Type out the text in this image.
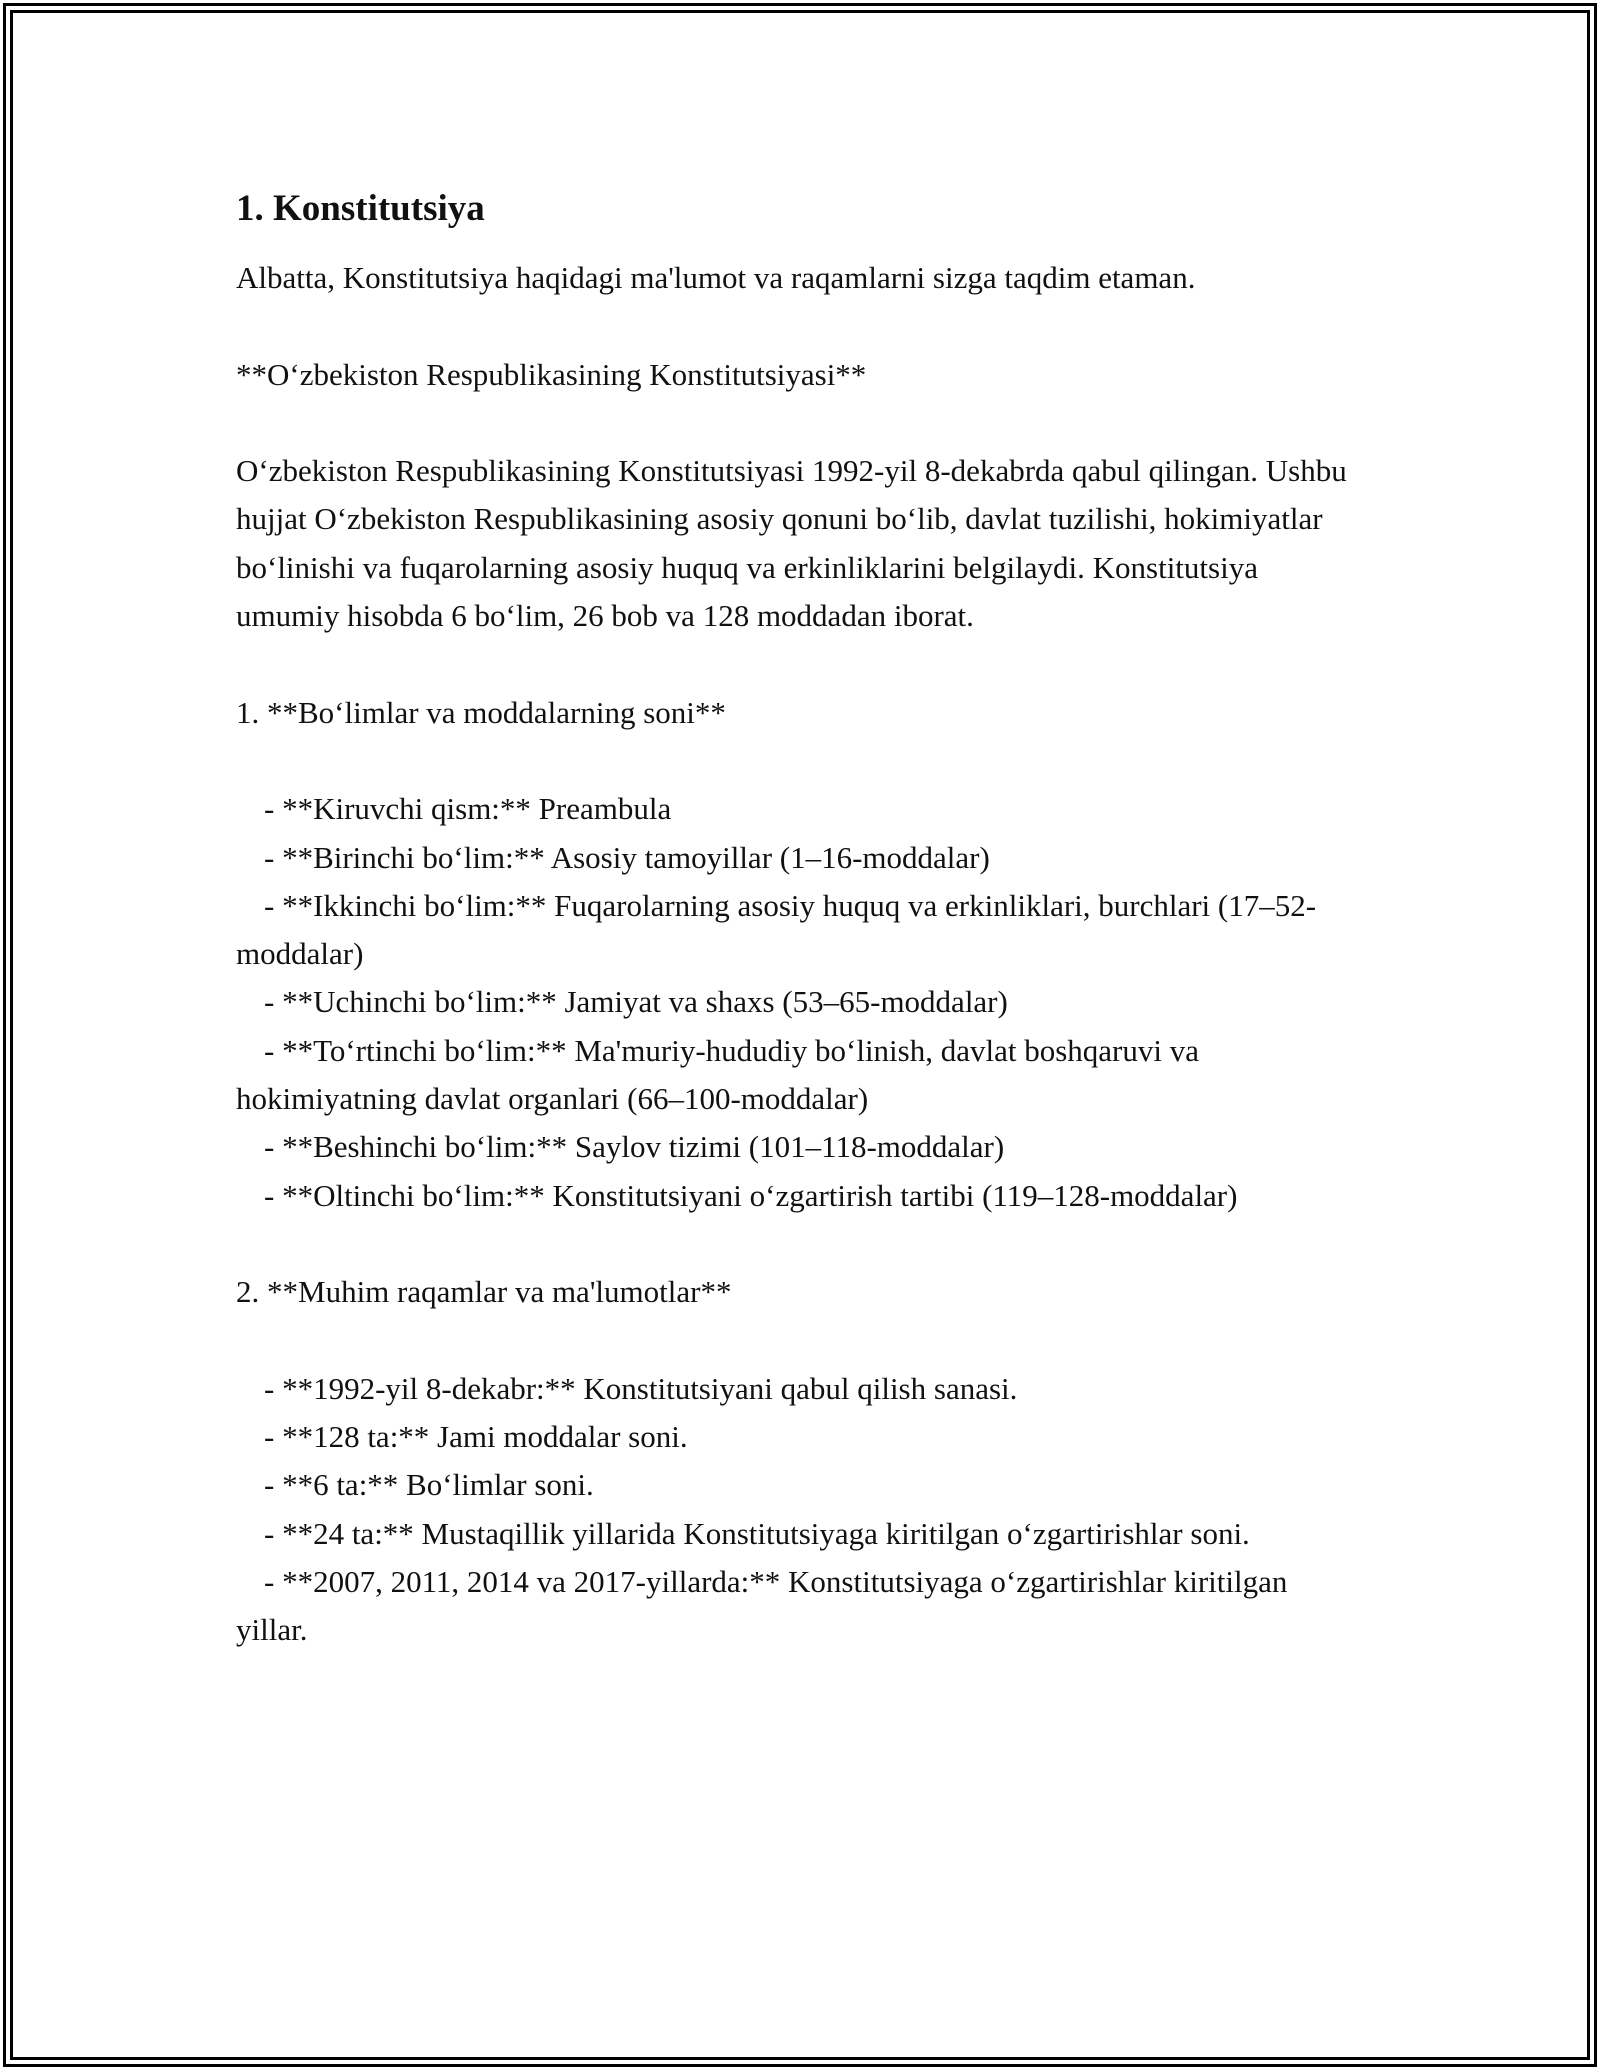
1. Konstitutsiya

Albatta, Konstitutsiya haqidagi ma'lumot va raqamlarni sizga taqdim etaman.

**O‘zbekiston Respublikasining Konstitutsiyasi**

O‘zbekiston Respublikasining Konstitutsiyasi 1992-yil 8-dekabrda qabul qilingan. Ushbu hujjat O‘zbekiston Respublikasining asosiy qonuni bo‘lib, davlat tuzilishi, hokimiyatlar bo‘linishi va fuqarolarning asosiy huquq va erkinliklarini belgilaydi. Konstitutsiya umumiy hisobda 6 bo‘lim, 26 bob va 128 moddadan iborat.

1. **Bo‘limlar va moddalarning soni**

- **Kiruvchi qism:** Preambula

- **Birinchi bo‘lim:** Asosiy tamoyillar (1–16-moddalar)

- **Ikkinchi bo‘lim:** Fuqarolarning asosiy huquq va erkinliklari, burchlari (17–52-moddalar)

- **Uchinchi bo‘lim:** Jamiyat va shaxs (53–65-moddalar)

- **To‘rtinchi bo‘lim:** Ma'muriy-hududiy bo‘linish, davlat boshqaruvi va hokimiyatning davlat organlari (66–100-moddalar)

- **Beshinchi bo‘lim:** Saylov tizimi (101–118-moddalar)

- **Oltinchi bo‘lim:** Konstitutsiyani o‘zgartirish tartibi (119–128-moddalar)

2. **Muhim raqamlar va ma'lumotlar**

- **1992-yil 8-dekabr:** Konstitutsiyani qabul qilish sanasi.

- **128 ta:** Jami moddalar soni.

- **6 ta:** Bo‘limlar soni.

- **24 ta:** Mustaqillik yillarida Konstitutsiyaga kiritilgan o‘zgartirishlar soni.

- **2007, 2011, 2014 va 2017-yillarda:** Konstitutsiyaga o‘zgartirishlar kiritilgan yillar.
